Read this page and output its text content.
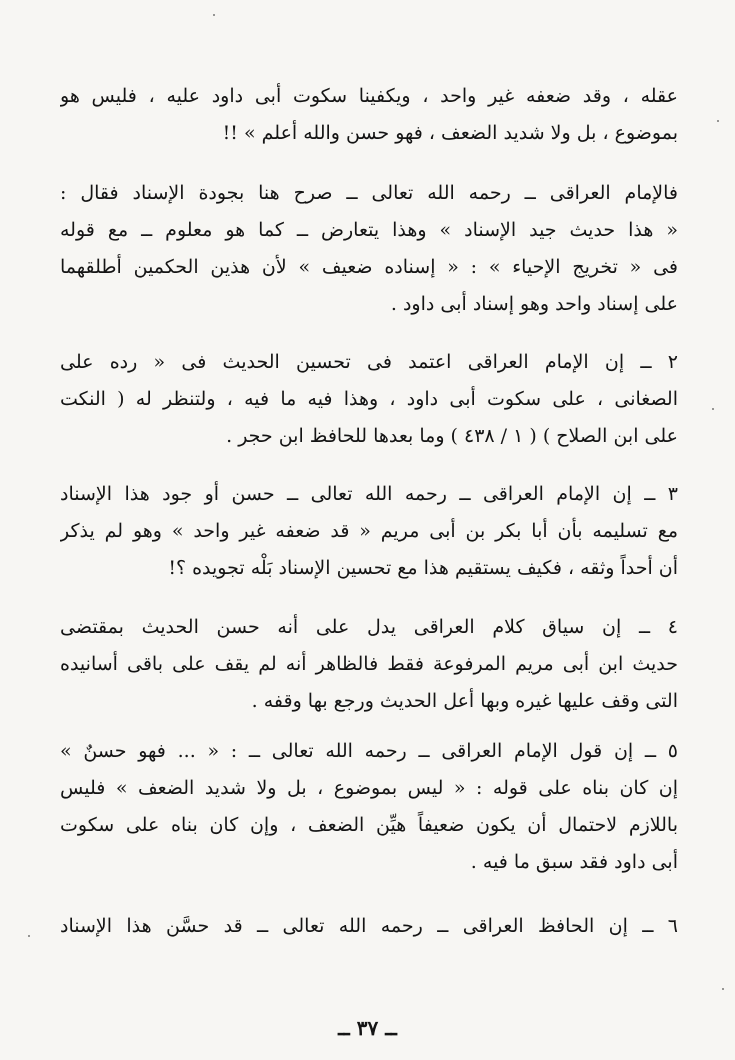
عقله ، وقد ضعفه غير واحد ، ويكفينا سكوت أبى داود عليه ، فليس هو
بموضوع ، بل ولا شديد الضعف ، فهو حسن والله أعلم » !!
فالإمام العراقى ــ رحمه الله تعالى ــ صرح هنا بجودة الإسناد فقال :
« هذا حديث جيد الإسناد » وهذا يتعارض ــ كما هو معلوم ــ مع قوله
فى « تخريج الإحياء » : « إسناده ضعيف » لأن هذين الحكمين أطلقهما
على إسناد واحد وهو إسناد أبى داود .
٢ ــ إن الإمام العراقى اعتمد فى تحسين الحديث فى « رده على
الصغانى ، على سكوت أبى داود ، وهذا فيه ما فيه ، ولتنظر له ( النكت
على ابن الصلاح ) ( ١ / ٤٣٨ ) وما بعدها للحافظ ابن حجر .
٣ ــ إن الإمام العراقى ــ رحمه الله تعالى ــ حسن أو جود هذا الإسناد
مع تسليمه بأن أبا بكر بن أبى مريم « قد ضعفه غير واحد » وهو لم يذكر
أن أحداً وثقه ، فكيف يستقيم هذا مع تحسين الإسناد بَلْه تجويده ؟!
٤ ــ إن سياق كلام العراقى يدل على أنه حسن الحديث بمقتضى
حديث ابن أبى مريم المرفوعة فقط فالظاهر أنه لم يقف على باقى أسانيده
التى وقف عليها غيره وبها أعل الحديث ورجع بها وقفه .
٥ ــ إن قول الإمام العراقى ــ رحمه الله تعالى ــ : « ... فهو حسنٌ »
إن كان بناه على قوله : « ليس بموضوع ، بل ولا شديد الضعف » فليس
باللازم لاحتمال أن يكون ضعيفاً هيِّن الضعف ، وإن كان بناه على سكوت
أبى داود فقد سبق ما فيه .
٦ ــ إن الحافظ العراقى ــ رحمه الله تعالى ــ قد حسَّن هذا الإسناد
ــ ٣٧ ــ
